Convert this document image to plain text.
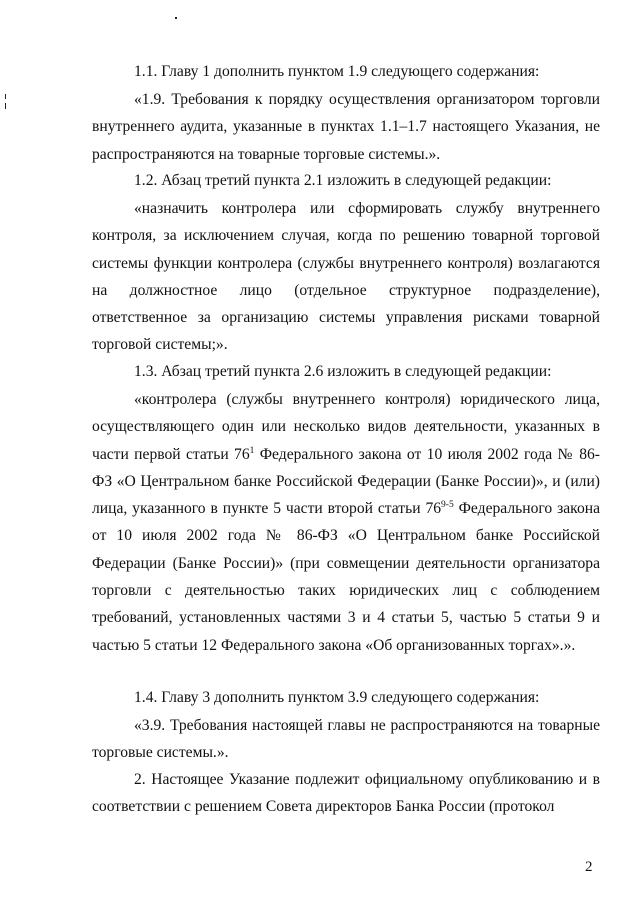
1.1. Главу 1 дополнить пунктом 1.9 следующего содержания:

«1.9. Требования к порядку осуществления организатором торговли внутреннего аудита, указанные в пунктах 1.1–1.7 настоящего Указания, не распространяются на товарные торговые системы.».

1.2. Абзац третий пункта 2.1 изложить в следующей редакции:

«назначить контролера или сформировать службу внутреннего контроля, за исключением случая, когда по решению товарной торговой системы функции контролера (службы внутреннего контроля) возлагаются на должностное лицо (отдельное структурное подразделение), ответственное за организацию системы управления рисками товарной торговой системы;».

1.3. Абзац третий пункта 2.6 изложить в следующей редакции:

«контролера (службы внутреннего контроля) юридического лица, осуществляющего один или несколько видов деятельности, указанных в части первой статьи $76^1$ Федерального закона от 10 июля 2002 года № 86-ФЗ «О Центральном банке Российской Федерации (Банке России)», и (или) лица, указанного в пункте 5 части второй статьи 76$^{9-5}$ Федерального закона от 10 июля 2002 года № 86-ФЗ «О Центральном банке Российской Федерации (Банке России)» (при совмещении деятельности организатора торговли с деятельностью таких юридических лиц с соблюдением требований, установленных частями 3 и 4 статьи 5, частью 5 статьи 9 и частью 5 статьи 12 Федерального закона «Об организованных торгах».».

1.4. Главу 3 дополнить пунктом 3.9 следующего содержания:

«3.9. Требования настоящей главы не распространяются на товарные торговые системы.».

2. Настоящее Указание подлежит официальному опубликованию и в соответствии с решением Совета директоров Банка России (протокол

2
